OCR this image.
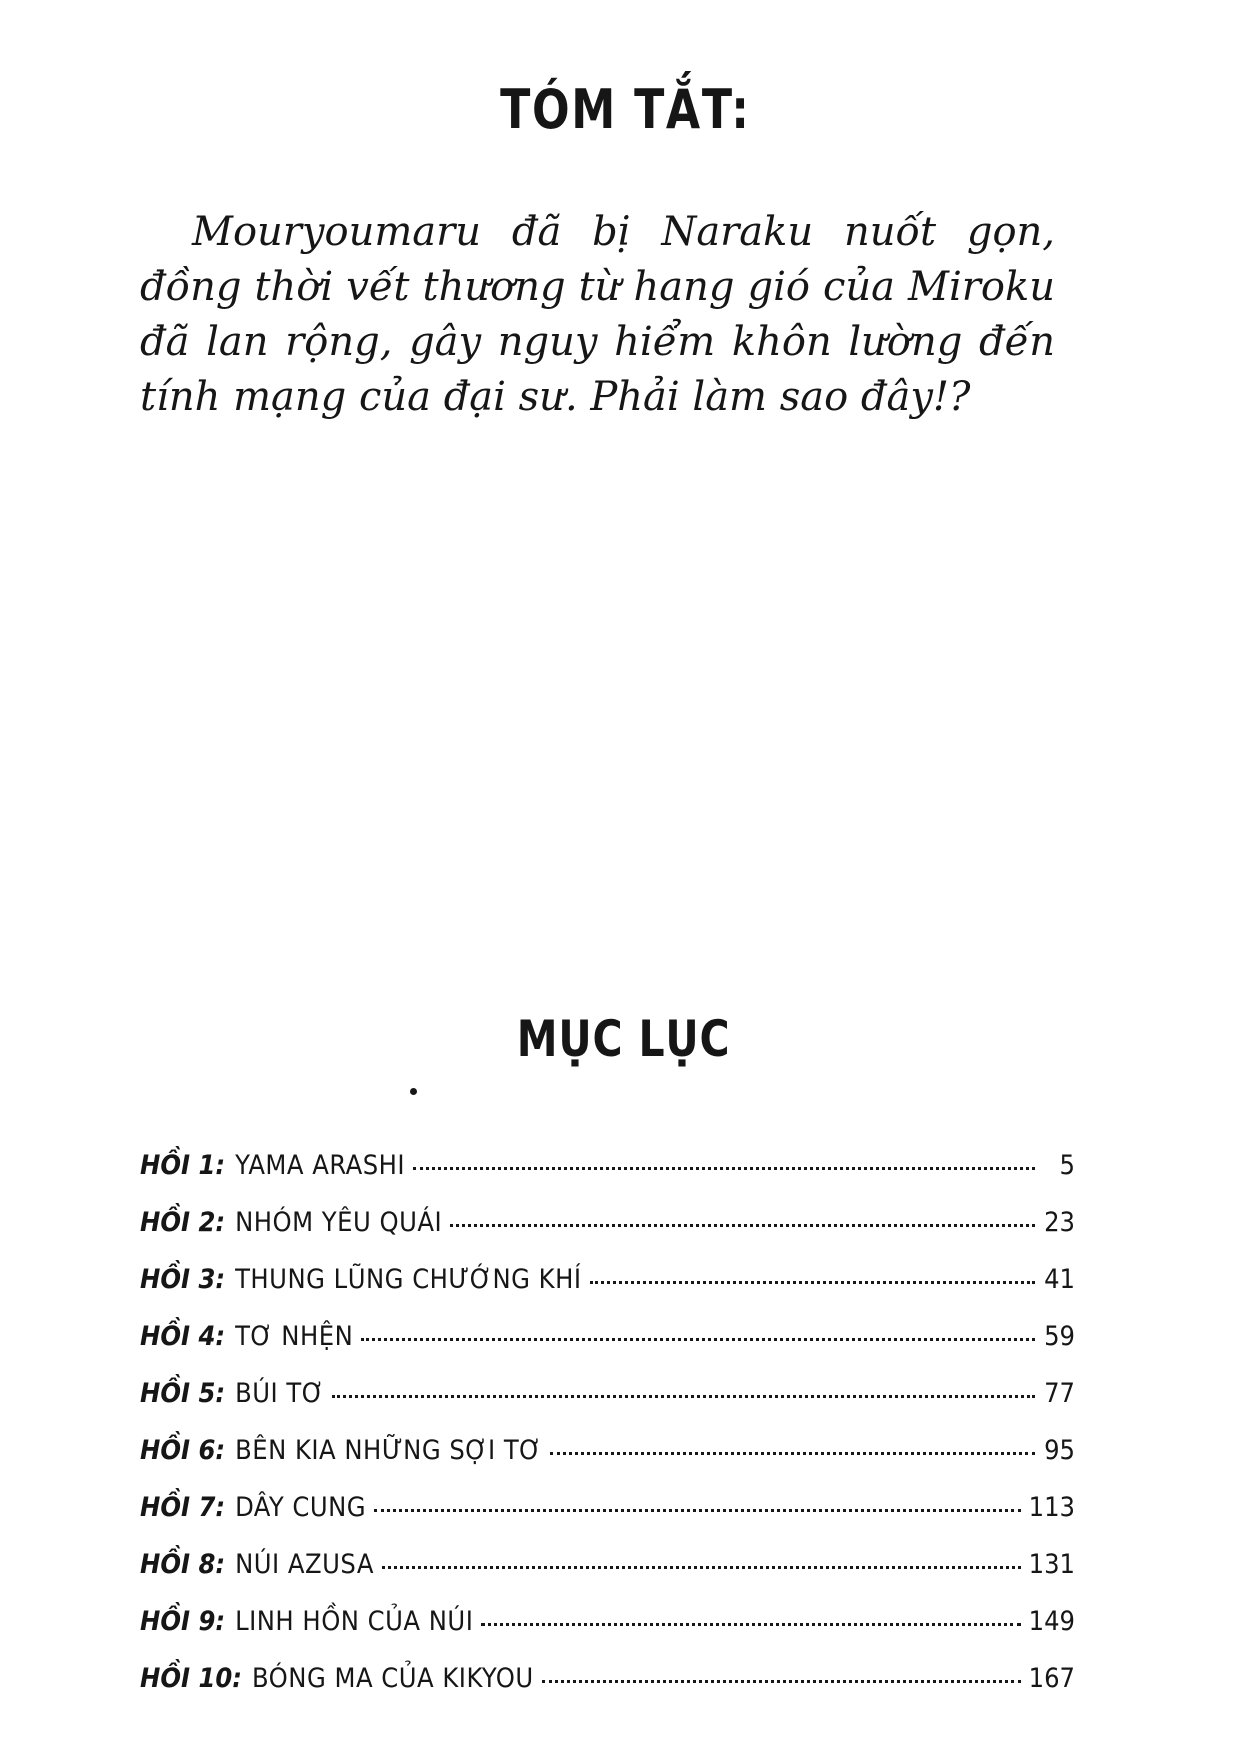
TÓM TẮT:

Mouryoumaru đã bị Naraku nuốt gọn, đồng thời vết thương từ hang gió của Miroku đã lan rộng, gây nguy hiểm khôn lường đến tính mạng của đại sư. Phải làm sao đây!?

MỤC LỤC
HỒI 1: YAMA ARASHI	5
HỒI 2: NHÓM YÊU QUÁI	23
HỒI 3: THUNG LŨNG CHƯỚNG KHÍ	41
HỒI 4: TƠ NHỆN	59
HỒI 5: BÚI TƠ	77
HỒI 6: BÊN KIA NHỮNG SỢI TƠ	95
HỒI 7: DÂY CUNG	113
HỒI 8: NÚI AZUSA	131
HỒI 9: LINH HỒN CỦA NÚI	149
HỒI 10: BÓNG MA CỦA KIKYOU	167
